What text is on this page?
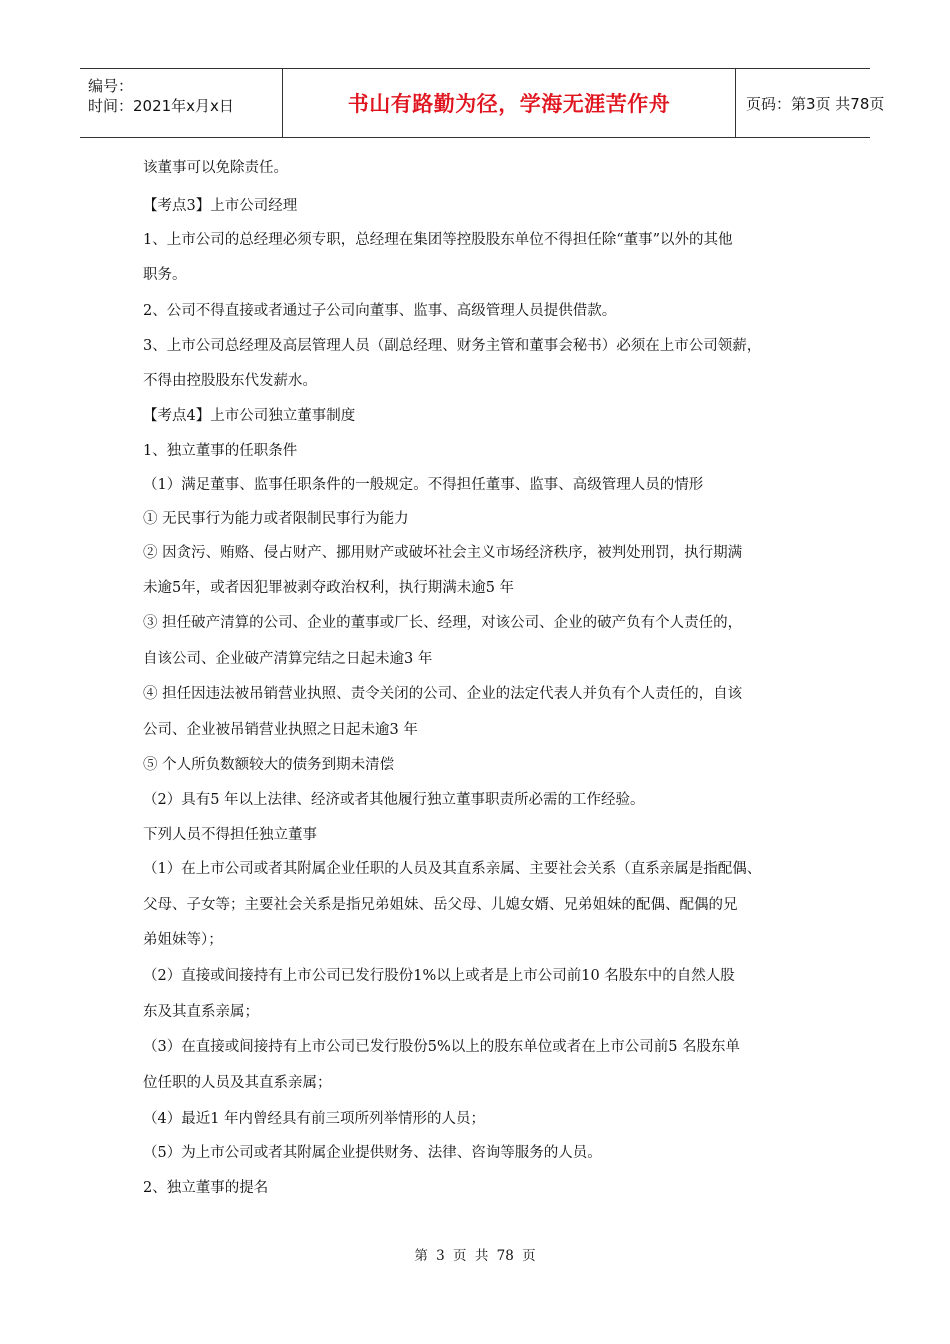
编号：
时间：2021年x月x日	书山有路勤为径，学海无涯苦作舟	页码：第3页 共78页
该董事可以免除责任。
【考点3】上市公司经理
1、上市公司的总经理必须专职，总经理在集团等控股股东单位不得担任除“董事”以外的其他
职务。
2、公司不得直接或者通过子公司向董事、监事、高级管理人员提供借款。
3、上市公司总经理及高层管理人员（副总经理、财务主管和董事会秘书）必须在上市公司领薪，
不得由控股股东代发薪水。
【考点4】上市公司独立董事制度
1、独立董事的任职条件
（1）满足董事、监事任职条件的一般规定。不得担任董事、监事、高级管理人员的情形
① 无民事行为能力或者限制民事行为能力
② 因贪污、贿赂、侵占财产、挪用财产或破坏社会主义市场经济秩序，被判处刑罚，执行期满
未逾5年，或者因犯罪被剥夺政治权利，执行期满未逾5 年
③ 担任破产清算的公司、企业的董事或厂长、经理，对该公司、企业的破产负有个人责任的，
自该公司、企业破产清算完结之日起未逾3 年
④ 担任因违法被吊销营业执照、责令关闭的公司、企业的法定代表人并负有个人责任的，自该
公司、企业被吊销营业执照之日起未逾3 年
⑤ 个人所负数额较大的债务到期未清偿
（2）具有5 年以上法律、经济或者其他履行独立董事职责所必需的工作经验。
下列人员不得担任独立董事
（1）在上市公司或者其附属企业任职的人员及其直系亲属、主要社会关系（直系亲属是指配偶、
父母、子女等；主要社会关系是指兄弟姐妹、岳父母、儿媳女婿、兄弟姐妹的配偶、配偶的兄
弟姐妹等）；
（2）直接或间接持有上市公司已发行股份1%以上或者是上市公司前10 名股东中的自然人股
东及其直系亲属；
（3）在直接或间接持有上市公司已发行股份5%以上的股东单位或者在上市公司前5 名股东单
位任职的人员及其直系亲属；
（4）最近1 年内曾经具有前三项所列举情形的人员；
（5）为上市公司或者其附属企业提供财务、法律、咨询等服务的人员。
2、独立董事的提名
第 3 页 共 78 页
